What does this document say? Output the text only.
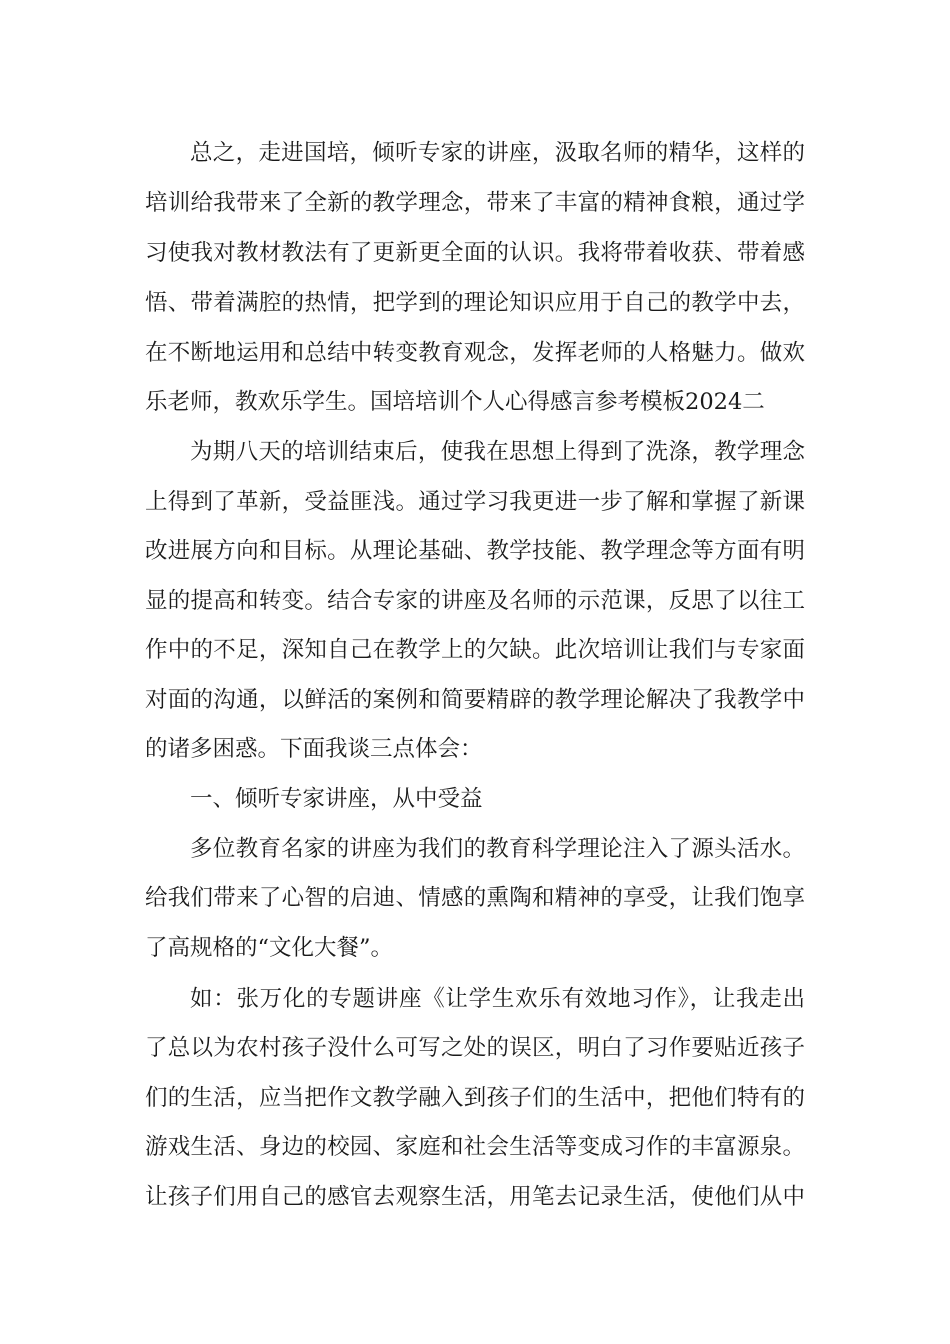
总之，走进国培，倾听专家的讲座，汲取名师的精华，这样的
培训给我带来了全新的教学理念，带来了丰富的精神食粮，通过学
习使我对教材教法有了更新更全面的认识。我将带着收获、带着感
悟、带着满腔的热情，把学到的理论知识应用于自己的教学中去，
在不断地运用和总结中转变教育观念，发挥老师的人格魅力。做欢
乐老师，教欢乐学生。国培培训个人心得感言参考模板2024二
为期八天的培训结束后，使我在思想上得到了洗涤，教学理念
上得到了革新，受益匪浅。通过学习我更进一步了解和掌握了新课
改进展方向和目标。从理论基础、教学技能、教学理念等方面有明
显的提高和转变。结合专家的讲座及名师的示范课，反思了以往工
作中的不足，深知自己在教学上的欠缺。此次培训让我们与专家面
对面的沟通，以鲜活的案例和简要精辟的教学理论解决了我教学中
的诸多困惑。下面我谈三点体会：
一、倾听专家讲座，从中受益
多位教育名家的讲座为我们的教育科学理论注入了源头活水。
给我们带来了心智的启迪、情感的熏陶和精神的享受，让我们饱享
了高规格的“文化大餐”。
如：张万化的专题讲座《让学生欢乐有效地习作》，让我走出
了总以为农村孩子没什么可写之处的误区，明白了习作要贴近孩子
们的生活，应当把作文教学融入到孩子们的生活中，把他们特有的
游戏生活、身边的校园、家庭和社会生活等变成习作的丰富源泉。
让孩子们用自己的感官去观察生活，用笔去记录生活，使他们从中
